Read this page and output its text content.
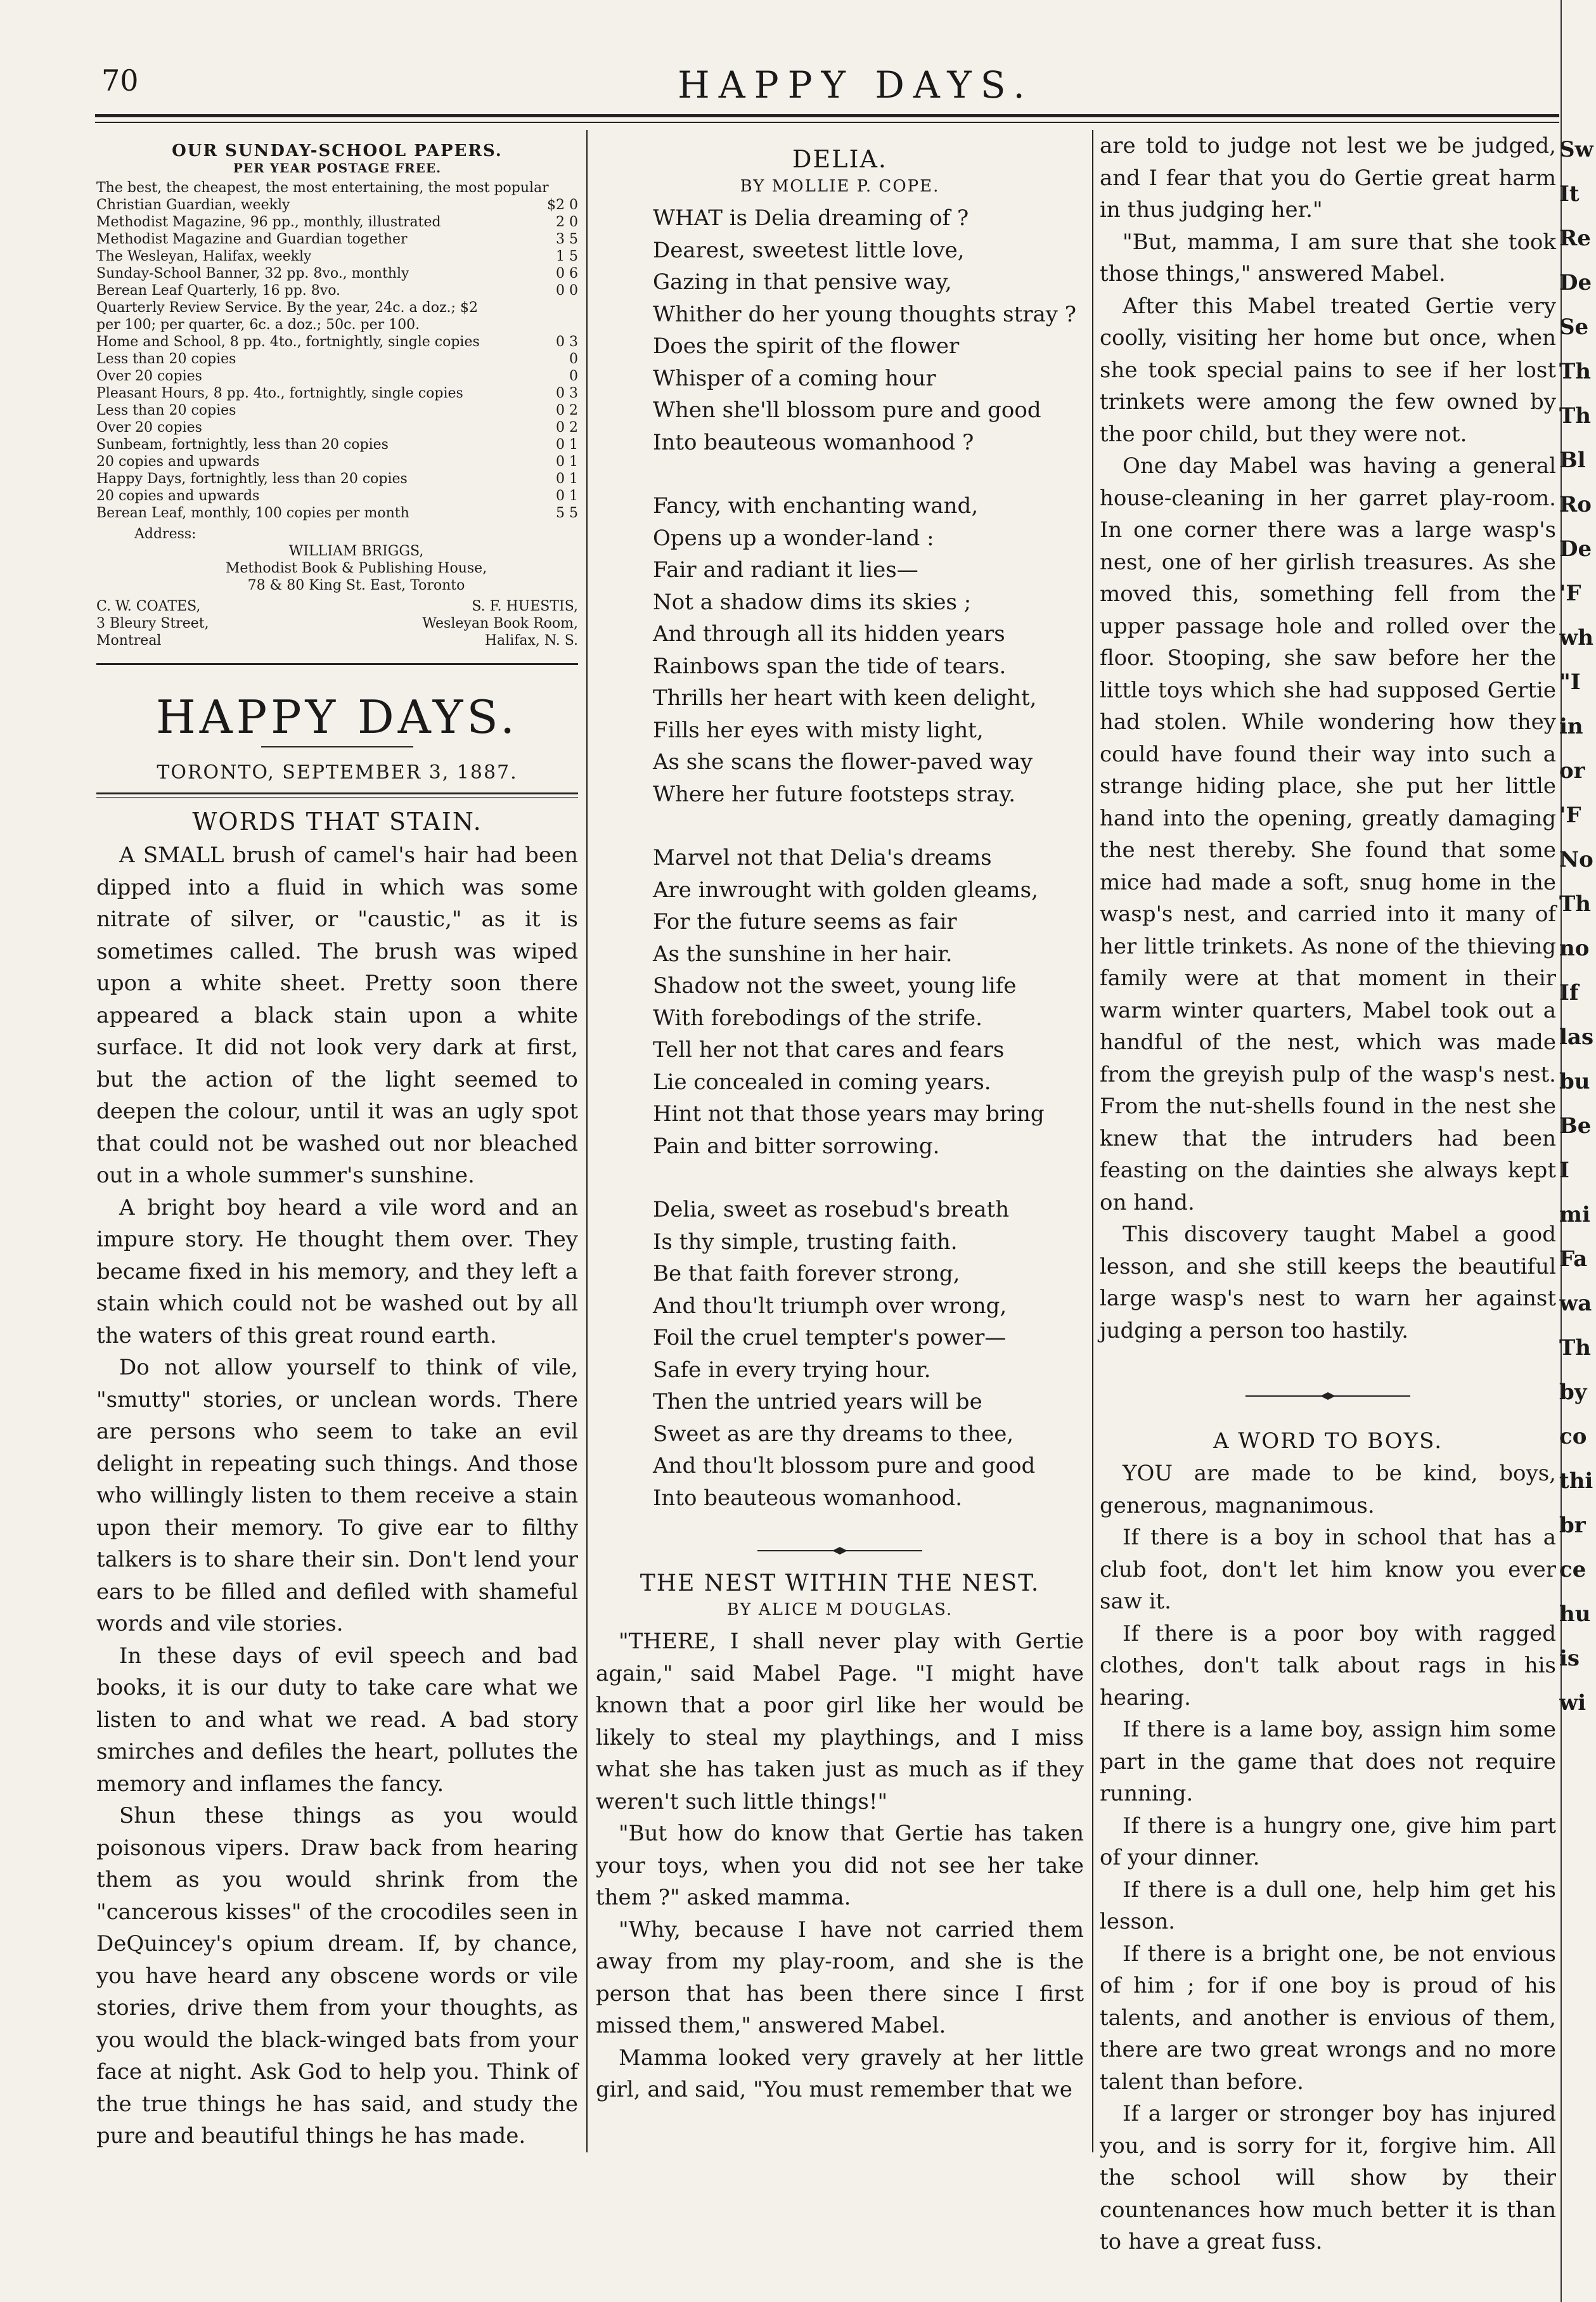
70	HAPPY DAYS.
OUR SUNDAY-SCHOOL PAPERS.
PER YEAR POSTAGE FREE.
The best, the cheapest, the most entertaining, the most popular
Christian Guardian, weekly	$2 0
Methodist Magazine, 96 pp., monthly, illustrated	2 0
Methodist Magazine and Guardian together	3 5
The Wesleyan, Halifax, weekly	1 5
Sunday-School Banner, 32 pp. 8vo., monthly	0 6
Berean Leaf Quarterly, 16 pp. 8vo.	0 0
Quarterly Review Service. By the year, 24c. a doz.; $2
per 100; per quarter, 6c. a doz.; 50c. per 100.
Home and School, 8 pp. 4to., fortnightly, single copies	0 3
Less than 20 copies	0
Over 20 copies	0
Pleasant Hours, 8 pp. 4to., fortnightly, single copies	0 3
Less than 20 copies	0 2
Over 20 copies	0 2
Sunbeam, fortnightly, less than 20 copies	0 1
20 copies and upwards	0 1
Happy Days, fortnightly, less than 20 copies	0 1
20 copies and upwards	0 1
Berean Leaf, monthly, 100 copies per month	5 5
Address:
WILLIAM BRIGGS,
Methodist Book & Publishing House,
78 & 80 King St. East, Toronto
C. W. COATES,
3 Bleury Street,
Montreal
S. F. HUESTIS,
Wesleyan Book Room,
Halifax, N. S.
HAPPY DAYS.
TORONTO, SEPTEMBER 3, 1887.
WORDS THAT STAIN.

A SMALL brush of camel's hair had been dipped into a fluid in which was some nitrate of silver, or "caustic," as it is sometimes called. The brush was wiped upon a white sheet. Pretty soon there appeared a black stain upon a white surface. It did not look very dark at first, but the action of the light seemed to deepen the colour, until it was an ugly spot that could not be washed out nor bleached out in a whole summer's sunshine.

A bright boy heard a vile word and an impure story. He thought them over. They became fixed in his memory, and they left a stain which could not be washed out by all the waters of this great round earth.

Do not allow yourself to think of vile, "smutty" stories, or unclean words. There are persons who seem to take an evil delight in repeating such things. And those who willingly listen to them receive a stain upon their memory. To give ear to filthy talkers is to share their sin. Don't lend your ears to be filled and defiled with shameful words and vile stories.

In these days of evil speech and bad books, it is our duty to take care what we listen to and what we read. A bad story smirches and defiles the heart, pollutes the memory and inflames the fancy.

Shun these things as you would poisonous vipers. Draw back from hearing them as you would shrink from the "cancerous kisses" of the crocodiles seen in DeQuincey's opium dream. If, by chance, you have heard any obscene words or vile stories, drive them from your thoughts, as you would the black-winged bats from your face at night. Ask God to help you. Think of the true things he has said, and study the pure and beautiful things he has made.

DELIA.
BY MOLLIE P. COPE.
WHAT is Delia dreaming of ?
Dearest, sweetest little love,
Gazing in that pensive way,
Whither do her young thoughts stray ?
Does the spirit of the flower
Whisper of a coming hour
When she'll blossom pure and good
Into beauteous womanhood ?
Fancy, with enchanting wand,
Opens up a wonder-land :
Fair and radiant it lies—
Not a shadow dims its skies ;
And through all its hidden years
Rainbows span the tide of tears.
Thrills her heart with keen delight,
Fills her eyes with misty light,
As she scans the flower-paved way
Where her future footsteps stray.
Marvel not that Delia's dreams
Are inwrought with golden gleams,
For the future seems as fair
As the sunshine in her hair.
Shadow not the sweet, young life
With forebodings of the strife.
Tell her not that cares and fears
Lie concealed in coming years.
Hint not that those years may bring
Pain and bitter sorrowing.
Delia, sweet as rosebud's breath
Is thy simple, trusting faith.
Be that faith forever strong,
And thou'lt triumph over wrong,
Foil the cruel tempter's power—
Safe in every trying hour.
Then the untried years will be
Sweet as are thy dreams to thee,
And thou'lt blossom pure and good
Into beauteous womanhood.
THE NEST WITHIN THE NEST.
BY ALICE M DOUGLAS.

"THERE, I shall never play with Gertie again," said Mabel Page. "I might have known that a poor girl like her would be likely to steal my playthings, and I miss what she has taken just as much as if they weren't such little things!"

"But how do know that Gertie has taken your toys, when you did not see her take them ?" asked mamma.

"Why, because I have not carried them away from my play-room, and she is the person that has been there since I first missed them," answered Mabel.

Mamma looked very gravely at her little girl, and said, "You must remember that we

are told to judge not lest we be judged, and I fear that you do Gertie great harm in thus judging her."

"But, mamma, I am sure that she took those things," answered Mabel.

After this Mabel treated Gertie very coolly, visiting her home but once, when she took special pains to see if her lost trinkets were among the few owned by the poor child, but they were not.

One day Mabel was having a general house-cleaning in her garret play-room. In one corner there was a large wasp's nest, one of her girlish treasures. As she moved this, something fell from the upper passage hole and rolled over the floor. Stooping, she saw before her the little toys which she had supposed Gertie had stolen. While wondering how they could have found their way into such a strange hiding place, she put her little hand into the opening, greatly damaging the nest thereby. She found that some mice had made a soft, snug home in the wasp's nest, and carried into it many of her little trinkets. As none of the thieving family were at that moment in their warm winter quarters, Mabel took out a handful of the nest, which was made from the greyish pulp of the wasp's nest. From the nut-shells found in the nest she knew that the intruders had been feasting on the dainties she always kept on hand.

This discovery taught Mabel a good lesson, and she still keeps the beautiful large wasp's nest to warn her against judging a person too hastily.

A WORD TO BOYS.

YOU are made to be kind, boys, generous, magnanimous.

If there is a boy in school that has a club foot, don't let him know you ever saw it.

If there is a poor boy with ragged clothes, don't talk about rags in his hearing.

If there is a lame boy, assign him some part in the game that does not require running.

If there is a hungry one, give him part of your dinner.

If there is a dull one, help him get his lesson.

If there is a bright one, be not envious of him ; for if one boy is proud of his talents, and another is envious of them, there are two great wrongs and no more talent than before.

If a larger or stronger boy has injured you, and is sorry for it, forgive him. All the school will show by their countenances how much better it is than to have a great fuss.

Sw
It
Re
De
Se
Th
Th
Bl
Ro
De
'F
wh
"I
in
or
'F
No
Th
no
If
las
bu
Be
I
mi
Fa
wa
Th
by
co
thi
br
ce
hu
is
wi
